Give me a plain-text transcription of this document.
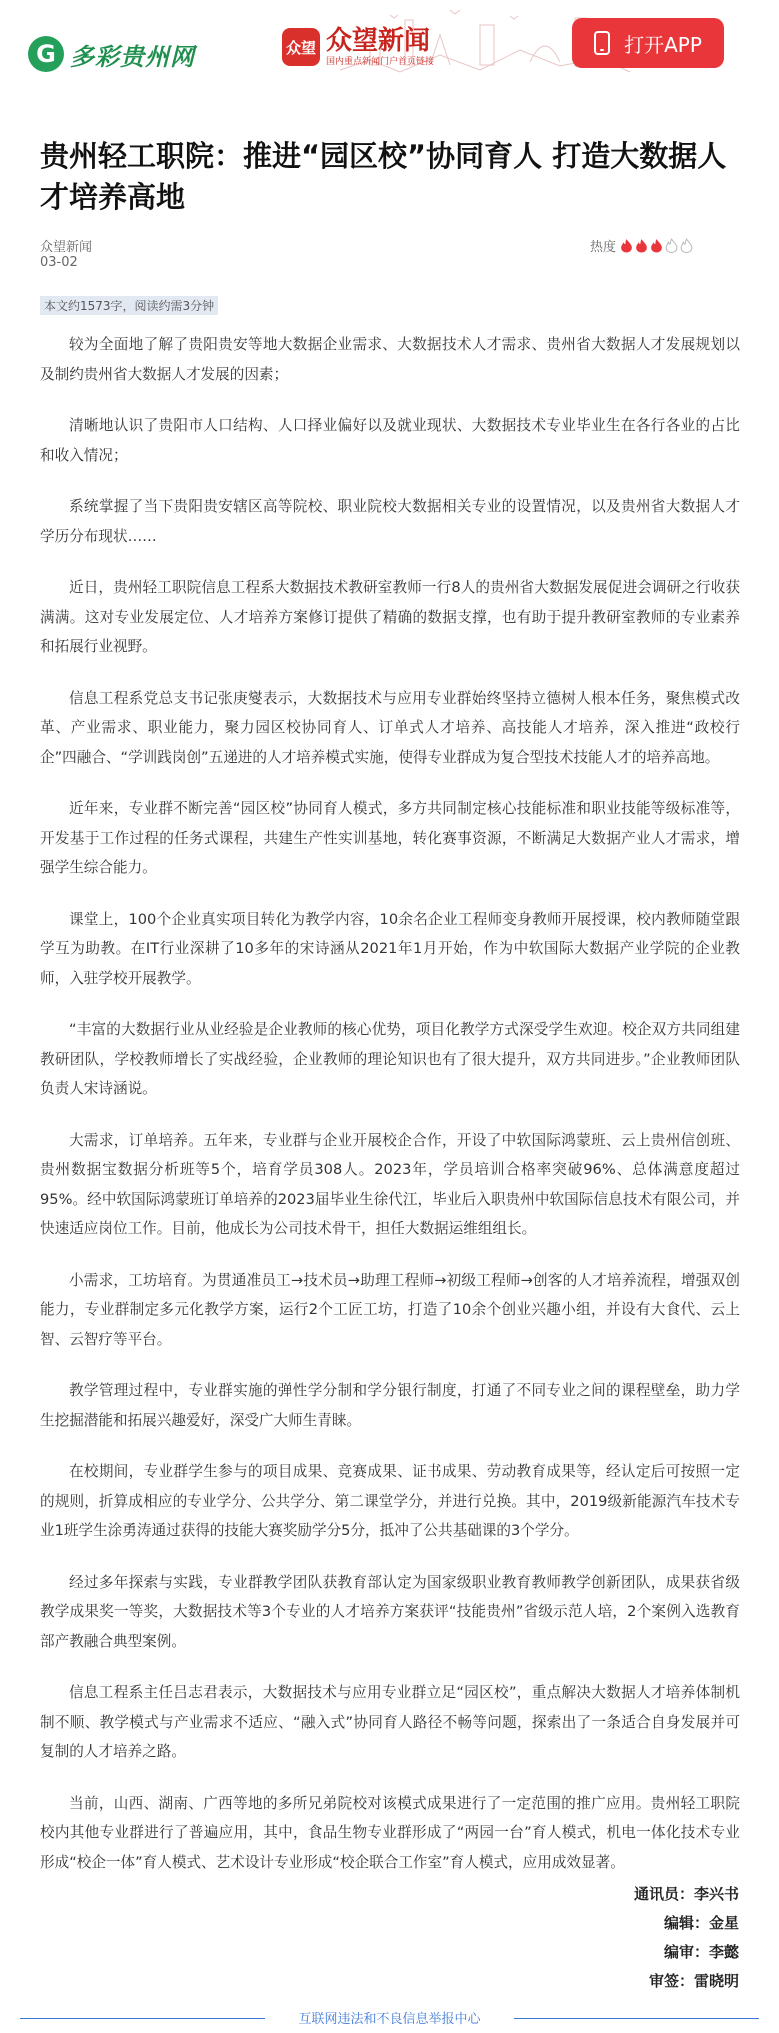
G 多彩贵州网	众望 众望新闻
国内重点新闻门户首页链接
打开APP
贵州轻工职院：推进“园区校”协同育人 打造大数据人才培养高地
众望新闻
03-02
热度
本文约1573字，阅读约需3分钟

较为全面地了解了贵阳贵安等地大数据企业需求、大数据技术人才需求、贵州省大数据人才发展规划以及制约贵州省大数据人才发展的因素；

清晰地认识了贵阳市人口结构、人口择业偏好以及就业现状、大数据技术专业毕业生在各行各业的占比和收入情况；

系统掌握了当下贵阳贵安辖区高等院校、职业院校大数据相关专业的设置情况，以及贵州省大数据人才学历分布现状……

近日，贵州轻工职院信息工程系大数据技术教研室教师一行8人的贵州省大数据发展促进会调研之行收获满满。这对专业发展定位、人才培养方案修订提供了精确的数据支撑，也有助于提升教研室教师的专业素养和拓展行业视野。

信息工程系党总支书记张庚燮表示，大数据技术与应用专业群始终坚持立德树人根本任务，聚焦模式改革、产业需求、职业能力，聚力园区校协同育人、订单式人才培养、高技能人才培养，深入推进“政校行企”四融合、“学训践岗创”五递进的人才培养模式实施，使得专业群成为复合型技术技能人才的培养高地。

近年来，专业群不断完善“园区校”协同育人模式，多方共同制定核心技能标准和职业技能等级标准等，开发基于工作过程的任务式课程，共建生产性实训基地，转化赛事资源，不断满足大数据产业人才需求，增强学生综合能力。

课堂上，100个企业真实项目转化为教学内容，10余名企业工程师变身教师开展授课，校内教师随堂跟学互为助教。在IT行业深耕了10多年的宋诗涵从2021年1月开始，作为中软国际大数据产业学院的企业教师，入驻学校开展教学。

“丰富的大数据行业从业经验是企业教师的核心优势，项目化教学方式深受学生欢迎。校企双方共同组建教研团队，学校教师增长了实战经验，企业教师的理论知识也有了很大提升，双方共同进步。”企业教师团队负责人宋诗涵说。

大需求，订单培养。五年来，专业群与企业开展校企合作，开设了中软国际鸿蒙班、云上贵州信创班、贵州数据宝数据分析班等5个，培育学员308人。2023年，学员培训合格率突破96%、总体满意度超过95%。经中软国际鸿蒙班订单培养的2023届毕业生徐代江，毕业后入职贵州中软国际信息技术有限公司，并快速适应岗位工作。目前，他成长为公司技术骨干，担任大数据运维组组长。

小需求，工坊培育。为贯通准员工→技术员→助理工程师→初级工程师→创客的人才培养流程，增强双创能力，专业群制定多元化教学方案，运行2个工匠工坊，打造了10余个创业兴趣小组，并设有大食代、云上智、云智疗等平台。

教学管理过程中，专业群实施的弹性学分制和学分银行制度，打通了不同专业之间的课程壁垒，助力学生挖掘潜能和拓展兴趣爱好，深受广大师生青睐。

在校期间，专业群学生参与的项目成果、竞赛成果、证书成果、劳动教育成果等，经认定后可按照一定的规则，折算成相应的专业学分、公共学分、第二课堂学分，并进行兑换。其中，2019级新能源汽车技术专业1班学生涂勇涛通过获得的技能大赛奖励学分5分，抵冲了公共基础课的3个学分。

经过多年探索与实践，专业群教学团队获教育部认定为国家级职业教育教师教学创新团队，成果获省级教学成果奖一等奖，大数据技术等3个专业的人才培养方案获评“技能贵州”省级示范人培，2个案例入选教育部产教融合典型案例。

信息工程系主任吕志君表示，大数据技术与应用专业群立足“园区校”，重点解决大数据人才培养体制机制不顺、教学模式与产业需求不适应、“融入式”协同育人路径不畅等问题，探索出了一条适合自身发展并可复制的人才培养之路。

当前，山西、湖南、广西等地的多所兄弟院校对该模式成果进行了一定范围的推广应用。贵州轻工职院校内其他专业群进行了普遍应用，其中，食品生物专业群形成了“两园一台”育人模式，机电一体化技术专业形成“校企一体”育人模式、艺术设计专业形成“校企联合工作室”育人模式，应用成效显著。

通讯员：李兴书
编辑：金星
编审：李懿
审签：雷晓明
互联网违法和不良信息举报中心
